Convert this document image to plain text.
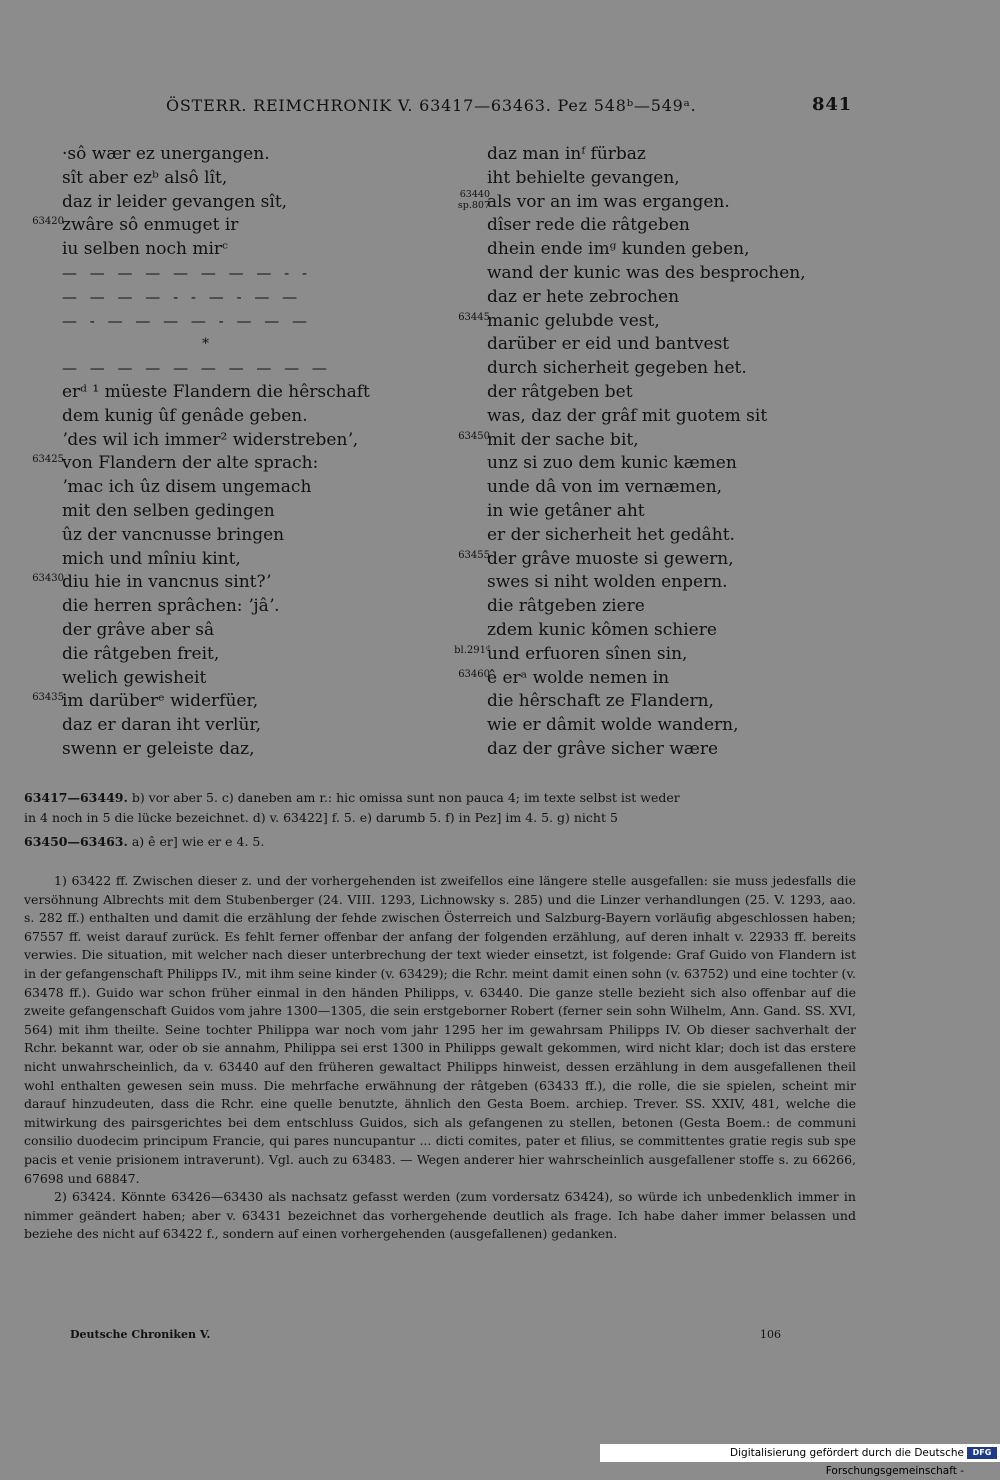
ÖSTERR. REIMCHRONIK V. 63417—63463. Pez 548ᵇ—549ᵃ.	841
·sô wær ez unergangen.
sît aber ezᵇ alsô lît,
daz ir leider gevangen sît,
63420
zwâre sô enmuget ir
iu selben noch mirᶜ
— — — — — — — — - -
— — — — - - — - — —
— - — — — — - — — —
*
— — — — — — — — — —
erᵈ ¹ müeste Flandern die hêrschaft
dem kunig ûf genâde geben.
ʼdes wil ich immer² widerstrebenʼ,
63425
von Flandern der alte sprach:
ʼmac ich ûz disem ungemach
mit den selben gedingen
ûz der vancnusse bringen
mich und mîniu kint,
63430
diu hie in vancnus sint?ʼ
die herren sprâchen: ʼjâʼ.
der grâve aber sâ
die râtgeben freit,
welich gewisheit
63435
im darüberᵉ widerfüer,
daz er daran iht verlür,
swenn er geleiste daz,
daz man inᶠ fürbaz
iht behielte gevangen,
63440
sp.807
als vor an im was ergangen.
dîser rede die râtgeben
dhein ende imᵍ kunden geben,
wand der kunic was des besprochen,
daz er hete zebrochen
63445
manic gelubde vest,
darüber er eid und bantvest
durch sicherheit gegeben het.
der râtgeben bet
was, daz der grâf mit guotem sit
63450
mit der sache bit,
unz si zuo dem kunic kæmen
unde dâ von im vernæmen,
in wie getâner aht
er der sicherheit het gedâht.
63455
der grâve muoste si gewern,
swes si niht wolden enpern.
die râtgeben ziere
zdem kunic kômen schiere
bl.291ᵈ
und erfuoren sînen sin,
63460
ê erᵃ wolde nemen in
die hêrschaft ze Flandern,
wie er dâmit wolde wandern,
daz der grâve sicher wære
63417—63449. b) vor aber 5. c) daneben am r.: hic omissa sunt non pauca 4; im texte selbst ist weder
in 4 noch in 5 die lücke bezeichnet. d) v. 63422] f. 5. e) darumb 5. f) in Pez] im 4. 5. g) nicht 5
63450—63463. a) ê er] wie er e 4. 5.

1) 63422 ff. Zwischen dieser z. und der vorhergehenden ist zweifellos eine längere stelle ausgefallen: sie muss jedesfalls die versöhnung Albrechts mit dem Stubenberger (24. VIII. 1293, Lichnowsky s. 285) und die Linzer verhandlungen (25. V. 1293, aao. s. 282 ff.) enthalten und damit die erzählung der fehde zwischen Österreich und Salzburg-Bayern vorläufig abgeschlossen haben; 67557 ff. weist darauf zurück. Es fehlt ferner offenbar der anfang der folgenden erzählung, auf deren inhalt v. 22933 ff. bereits verwies. Die situation, mit welcher nach dieser unterbrechung der text wieder einsetzt, ist folgende: Graf Guido von Flandern ist in der gefangenschaft Philipps IV., mit ihm seine kinder (v. 63429); die Rchr. meint damit einen sohn (v. 63752) und eine tochter (v. 63478 ff.). Guido war schon früher einmal in den händen Philipps, v. 63440. Die ganze stelle bezieht sich also offenbar auf die zweite gefangenschaft Guidos vom jahre 1300—1305, die sein erstgeborner Robert (ferner sein sohn Wilhelm, Ann. Gand. SS. XVI, 564) mit ihm theilte. Seine tochter Philippa war noch vom jahr 1295 her im gewahrsam Philipps IV. Ob dieser sachverhalt der Rchr. bekannt war, oder ob sie annahm, Philippa sei erst 1300 in Philipps gewalt gekommen, wird nicht klar; doch ist das erstere nicht unwahrscheinlich, da v. 63440 auf den früheren gewaltact Philipps hinweist, dessen erzählung in dem ausgefallenen theil wohl enthalten gewesen sein muss. Die mehrfache erwähnung der râtgeben (63433 ff.), die rolle, die sie spielen, scheint mir darauf hinzudeuten, dass die Rchr. eine quelle benutzte, ähnlich den Gesta Boem. archiep. Trever. SS. XXIV, 481, welche die mitwirkung des pairsgerichtes bei dem entschluss Guidos, sich als gefangenen zu stellen, betonen (Gesta Boem.: de communi consilio duodecim principum Francie, qui pares nuncupantur ... dicti comites, pater et filius, se committentes gratie regis sub spe pacis et venie prisionem intraverunt). Vgl. auch zu 63483. — Wegen anderer hier wahrscheinlich ausgefallener stoffe s. zu 66266, 67698 und 68847.

2) 63424. Könnte 63426—63430 als nachsatz gefasst werden (zum vordersatz 63424), so würde ich unbedenklich immer in nimmer geändert haben; aber v. 63431 bezeichnet das vorhergehende deutlich als frage. Ich habe daher immer belassen und beziehe des nicht auf 63422 f., sondern auf einen vorhergehenden (ausgefallenen) gedanken.

Deutsche Chroniken V.	106
Digitalisierung gefördert durch die Deutsche Forschungsgemeinschaft -
DFG
